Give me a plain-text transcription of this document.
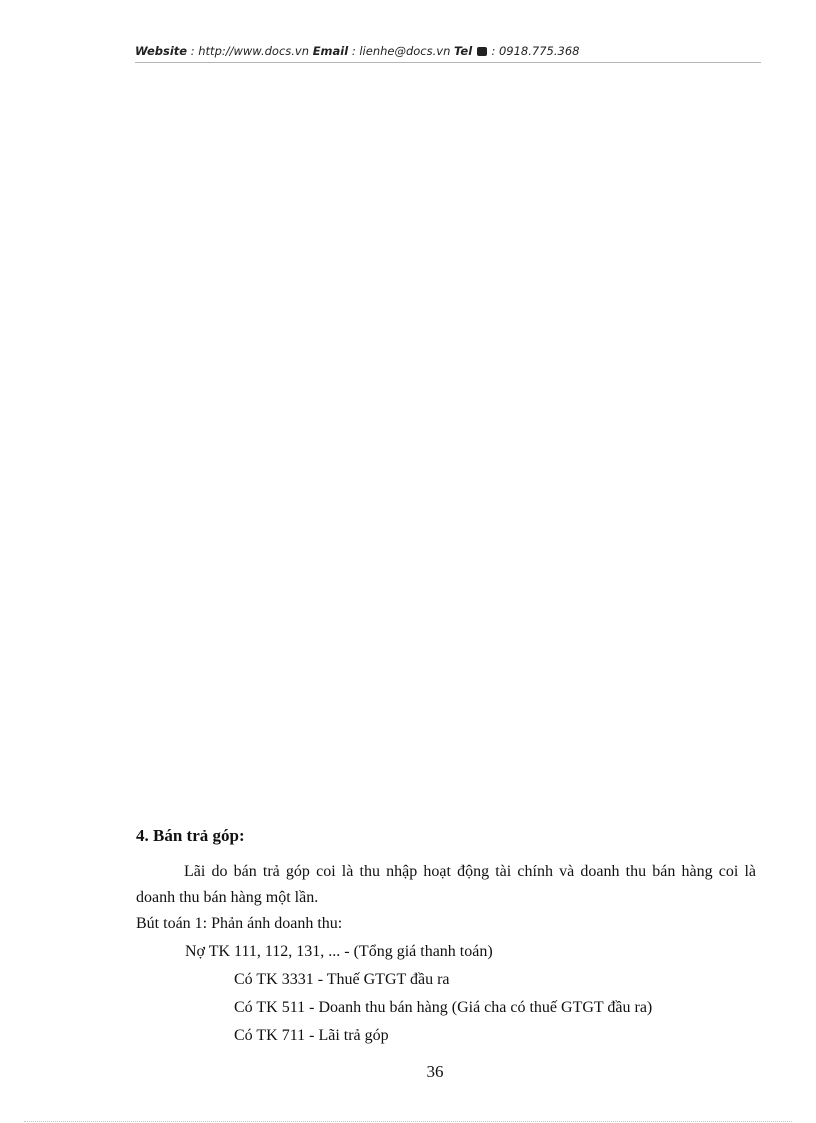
Website : http://www.docs.vn Email : lienhe@docs.vn Tel  : 0918.775.368
4. Bán trả góp:
Lãi do bán trả góp coi là thu nhập hoạt động tài chính và doanh thu bán hàng coi là doanh thu bán hàng một lần.
Bút toán 1: Phản ánh doanh thu:
Nợ TK 111, 112, 131, ... - (Tổng giá thanh toán)
Có TK 3331 - Thuế GTGT đầu ra
Có TK 511 - Doanh thu bán hàng (Giá cha có thuế GTGT đầu ra)
Có TK 711 - Lãi trả góp
36
